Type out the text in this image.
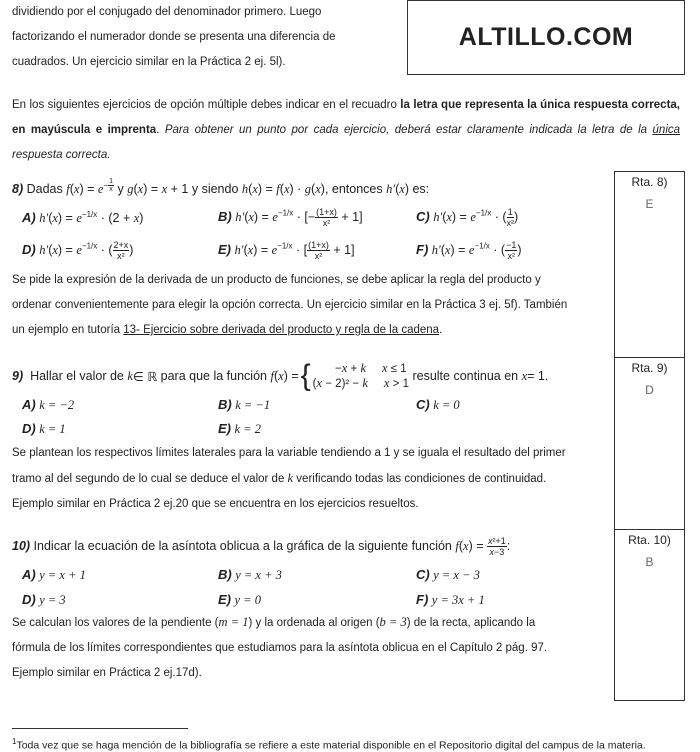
dividiendo por el conjugado del denominador primero. Luego
factorizando el numerador donde se presenta una diferencia de
cuadrados. Un ejercicio similar en la Práctica 2 ej. 5l).
ALTILLO.COM
En los siguientes ejercicios de opción múltiple debes indicar en el recuadro la letra que representa la única respuesta correcta, en mayúscula e imprenta. Para obtener un punto por cada ejercicio, deberá estar claramente indicada la letra de la única respuesta correcta.
Rta. 8)
E
Rta. 9)
D
Rta. 10)
B
8) Dadas $f(x) = e^{- \frac{1}{x}}$ y g(x) = x + 1 y siendo h(x) = f(x) · g(x), entonces h′(x) es:
A) $h'(x) = e^{-1/x} \cdot (2 + x)$	B) $h'(x) = e^{-1/x}$ · [− $\frac{(1+x)}{\text{x²}} + 1$]	C) $h'(x) = e^{-1/x}$ · ( $\frac{1}{\text{x²}}$ )
D) $h'(x) = e^{-1/x}$ · ( $\frac{2+x}{\text{x²}}$ )	E) $h'(x) = e^{-1/x}$ · [ $\frac{(1+x)}{\text{x²}} + 1$]	F) $h'(x) = e^{-1/x}$ · ( $\frac{-1}{\text{x²}}$ )
Se pide la expresión de la derivada de un producto de funciones, se debe aplicar la regla del producto y
ordenar convenientemente para elegir la opción correcta. Un ejercicio similar en la Práctica 3 ej. 5f). También
un ejemplo en tutoría 13- Ejercicio sobre derivada del producto y regla de la cadena.
9)
Hallar el valor de
k ∈ ℝ para que la función
f ( x ) = { −x + k x ≤ 1
(x − 2)² − k x > 1

resulte continua en
x = 1.
A) k = −2	B) k = −1	C) k = 0
D) k = 1	E) k = 2
Se plantean los respectivos límites laterales para la variable tendiendo a 1 y se iguala el resultado del primer
tramo al del segundo de lo cual se deduce el valor de k verificando todas las condiciones de continuidad.
Ejemplo similar en Práctica 2 ej.20 que se encuentra en los ejercicios resueltos.
10) Indicar la ecuación de la asíntota oblicua a la gráfica de la siguiente función $f(x) = \frac{\text{x²+1}}{x-3}$ :
A) y = x + 1	B) y = x + 3	C) y = x − 3
D) y = 3	E) y = 0	F) y = 3x + 1
Se calculan los valores de la pendiente (m = 1) y la ordenada al origen (b = 3) de la recta, aplicando la
fórmula de los límites correspondientes que estudiamos para la asíntota oblicua en el Capítulo 2 pág. 97.
Ejemplo similar en Práctica 2 ej.17d).
$^1$Toda vez que se haga mención de la bibliografía se refiere a este material disponible en el Repositorio digital del campus de la materia.
